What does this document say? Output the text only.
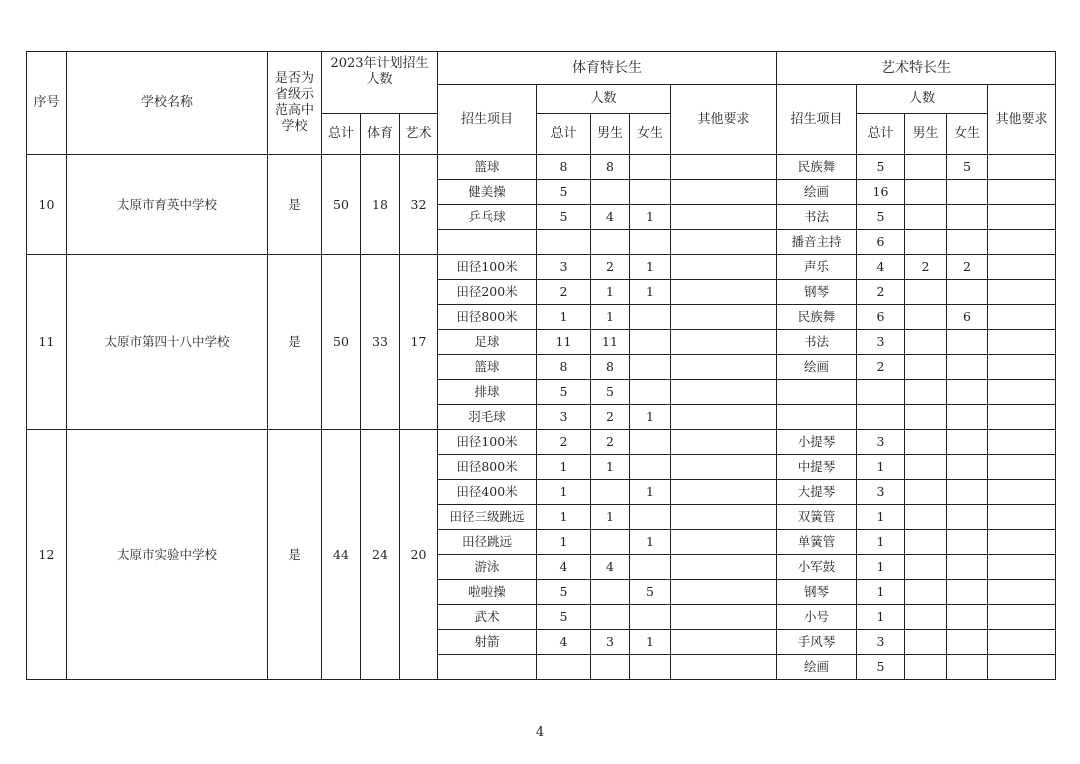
序号	学校名称	是否为省级示范高中学校	2023年计划招生人数			体育特长生					艺术特长生				
						招生项目	人数			其他要求	招生项目	人数			其他要求
			总计	体育	艺术		总计	男生	女生			总计	男生	女生	
10	太原市育英中学校	是	50	18	32	篮球	8	8			民族舞	5		5	
						健美操	5				绘画	16			
						乒乓球	5	4	1		书法	5			
											播音主持	6			
11	太原市第四十八中学校	是	50	33	17	田径100米	3	2	1		声乐	4	2	2	
						田径200米	2	1	1		钢琴	2			
						田径800米	1	1			民族舞	6		6	
						足球	11	11			书法	3			
						篮球	8	8			绘画	2			
						排球	5	5							
						羽毛球	3	2	1						
12	太原市实验中学校	是	44	24	20	田径100米	2	2			小提琴	3			
						田径800米	1	1			中提琴	1			
						田径400米	1		1		大提琴	3			
						田径三级跳远	1	1			双簧管	1			
						田径跳远	1		1		单簧管	1			
						游泳	4	4			小军鼓	1			
						啦啦操	5		5		钢琴	1			
						武术	5				小号	1			
						射箭	4	3	1		手风琴	3			
											绘画	5			
4
